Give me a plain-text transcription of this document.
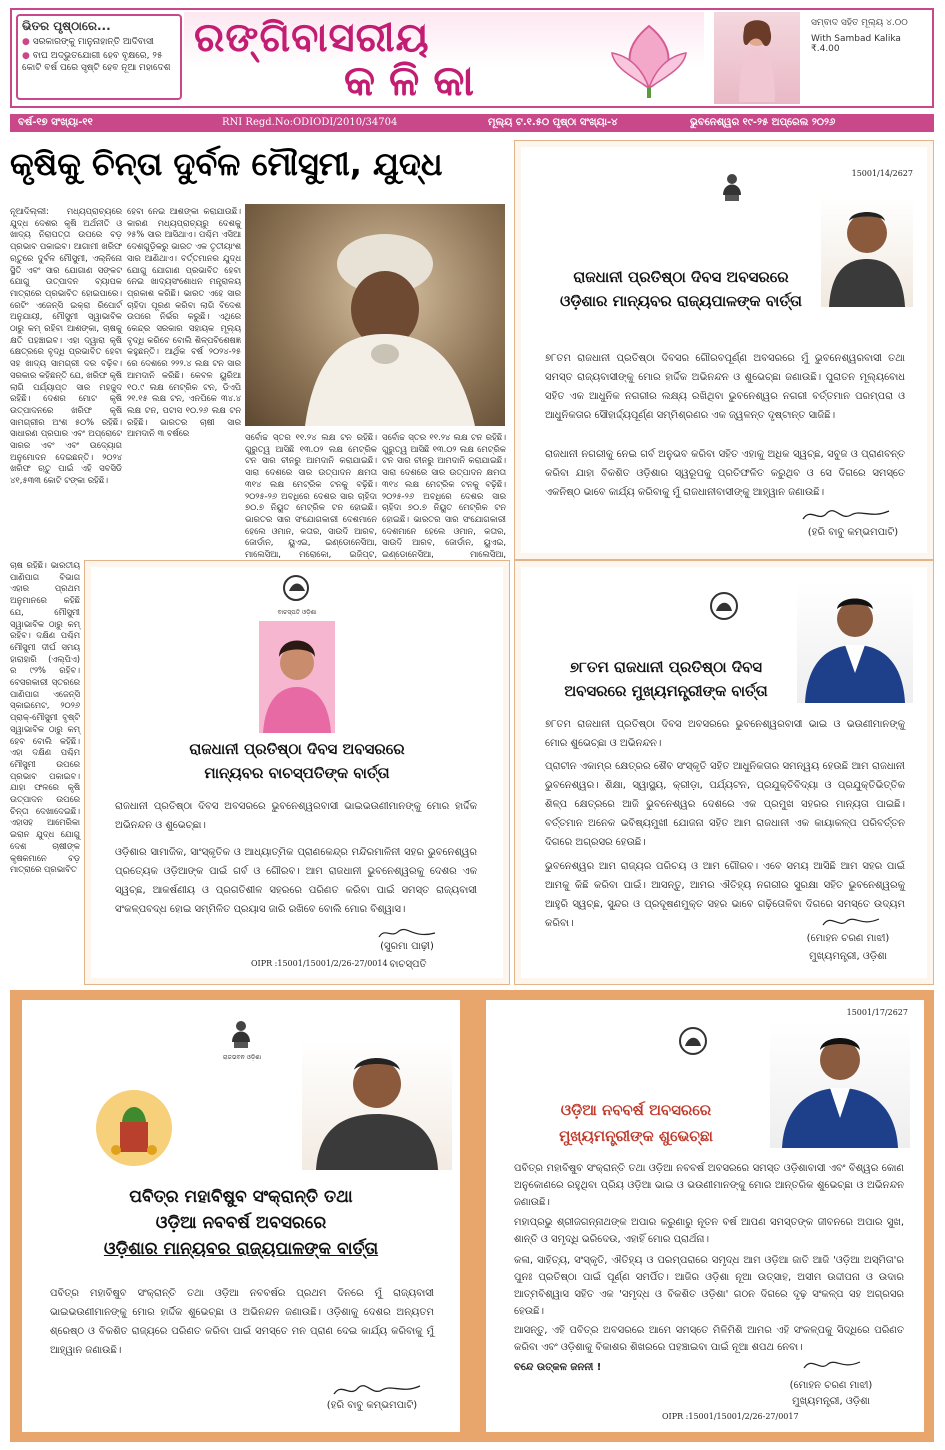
ଭିତର ପୃଷ୍ଠାରେ...
● ସରକାରଙ୍କୁ ମାନୁନାହାନ୍ତି ଆଦିବାସୀ
● ବାଘ ଅଦ୍ଭୁତଯୋଗୀ ହେବ ବୃକ୍ଷରେ, ୨୫ କୋଟି ବର୍ଷ ପରେ ସୃଷ୍ଟି ହେବ ନୂଆ ମହାଦେଶ
ରଙ୍ଗିବାସରୀୟ
କଳିକା
ସମ୍ବାଦ ସହିତ ମୂଲ୍ୟ ୪.୦୦
With Sambad Kalika ₹.4.00
ବର୍ଷ-୧୭ ସଂଖ୍ୟା-୧୧	RNI Regd.No:ODIODI/2010/34704	ମୂଲ୍ୟ ଟ.୧.୫୦ ପୃଷ୍ଠା ସଂଖ୍ୟା-୪	ଭୁବନେଶ୍ୱର ୧୯-୨୫ ଅପ୍ରେଲ ୨୦୨୬
କୃଷିକୁ ଚିନ୍ତା ଦୁର୍ବଳ ମୌସୁମୀ, ଯୁଦ୍ଧ
ନୂଆଦିଲ୍ଲୀ: ମଧ୍ୟପ୍ରାଚ୍ୟରେ ଯୁଦ୍ଧ ଦେଶର କୃଷି ଅର୍ଥନୀତି ଓ ଖାଦ୍ୟ ନିରାପତ୍ତା ଉପରେ ବଡ଼ ପ୍ରଭାବ ପକାଇବ। ଆଗାମୀ ଖରିଫ ଋତୁରେ ଦୁର୍ବଳ ମୌସୁମୀ, ଏଲ୍‌ନିନୋ ସ୍ଥିତି ଏବଂ ସାର ଯୋଗାଣ ସଙ୍କଟ ଯୋଗୁ ଉତ୍ପାଦନ ବ୍ୟାପକ ମାତ୍ରାରେ ପ୍ରଭାବିତ ହୋଇପାରେ। ରେଟିଂ ଏଜେନ୍ସି ଇକ୍ରା ରିପୋର୍ଟ ଅନୁଯାୟୀ, ମୌସୁମୀ ସ୍ୱାଭାବିକ ଠାରୁ କମ୍ ରହିବା ଆଶଙ୍କା, ଚାଷକୁ କ୍ଷତି ପହଞ୍ଚାଇବ। ଏହା ଦ୍ୱାରା କୃଷି କ୍ଷେତ୍ରରେ ବୃଦ୍ଧି ପ୍ରଭାବିତ ହେବା ସହ ଖାଦ୍ୟ ସାମଗ୍ରୀ ଦର ବଢ଼ିବ। ସରକାର କହିଛନ୍ତି ଯେ, ଖରିଫ କୃଷି ଲାଗି ପର୍ଯ୍ୟାପ୍ତ ସାର ମହଜୁଦ ରହିଛି। ଦେଶର ମୋଟ କୃଷି ଉତ୍ପାଦନରେ ଖରିଫ କୃଷି ସାମଗ୍ରୀର ଅଂଶ ୫୦% ରହିଛି। ସାଧାରଣ ପ୍ରପାର ଏବଂ ଅପ୍ରୋଟେ ସାରର ଏବଂ ଏବଂ ଉଦ୍ୟୋଗ ଅନୁମୋଦନ ଦେଇଛନ୍ତି। ୨୦୨୪ ଖରିଫ ଋତୁ ପାଇଁ ଏହି ସବସିଡି ୪୧,୫୩୩ କୋଟି ଟଙ୍କା ରହିଛି।
ହେବା ନେଇ ଆଶଙ୍କା କରାଯାଉଛି। କାରଣ ମଧ୍ୟପ୍ରାଚ୍ୟରୁ ଦେଶକୁ ୨୫% ସାର ଆସିଥାଏ। ପଶ୍ଚିମ ଏସିଆ ଦେଶଗୁଡ଼ିକରୁ ଭାରତ ଏକ ତୃତୀୟାଂଶ ସାର ଆଣିଥାଏ। ବର୍ତ୍ତମାନର ଯୁଦ୍ଧ ଯୋଗୁ ଯୋଗାଣ ପ୍ରଭାବିତ ହେବା ନେଇ ଖାଦ୍ୟସଂଶୋଧନ ମନ୍ତ୍ରାଳୟ ପ୍ରକାଶ କରିଛି। ଭାରତ ଏହେ ସାର ଚାହିଦା ପୂରଣ କରିବା ଲାଗି ବିଦେଶ ଉପରେ ନିର୍ଭର କରୁଛି। ଏଥିରେ କେନ୍ଦ୍ର ସରକାର ସହାୟକ ମୂଲ୍ୟ ବୃଦ୍ଧି କରିବେ ବୋଲି ଶିଳ୍ପବିଶେଷଜ୍ଞ କହୁଛନ୍ତି। ଆର୍ଥିକ ବର୍ଷ ୨୦୨୪-୨୫ ରେ ଦେଶରେ ୨୨୨.୪ ଲକ୍ଷ ଟନ ସାର ଆମଦାନି କରିଛି। କେବଳ ୟୁରିଆ ୧୦.୯ ଲକ୍ଷ ମେଟ୍ରିକ ଟନ, ଡିଏପି ୨୧.୧୫ ଲକ୍ଷ ଟନ, ଏନପିକେ ୩୪.୪ ଲକ୍ଷ ଟନ, ପଟାସ ୧୦.୨୬ ଲକ୍ଷ ଟନ ରହିଛି। ଭାରତର ଚାଷୀ ସାର ଆମଦାନି ୩ ବର୍ଷରେ	ସର୍ବୋଚ୍ଚ ସ୍ତର ୧୧.୨୪ ଲକ୍ଷ ଟନ ରହିଛି। ଗୁରୁତ୍ୱ ଆସିଛି ୧୩.୦୨ ଲକ୍ଷ ମେଟ୍ରିକ ଟନ ସାର ଚୀନରୁ ଆମଦାନି କରାଯାଇଛି। ସାରା ଦେଶରେ ସାର ଉତ୍ପାଦନ କ୍ଷମତା ୩୧୪ ଲକ୍ଷ ମେଟ୍ରିକ ଟନକୁ ବଢ଼ିଛି। ୨୦୨୫-୨୬ ଅବଧିରେ ଦେଶର ସାର ଚାହିଦା ୭୦.୭ ନିୟୁତ ମେଟ୍ରିକ ଟନ ହୋଇଛି। ଭାରତର ସାର ସଂଯୋଗକାରୀ ଦେଶମାନେ ହେଲେ ଓମାନ, କତାର, ସାଉଦି ଆରବ, ଜୋର୍ଡାନ, ୟୁଏଇ, ଇଣ୍ଡୋନେସିଆ, ମାଲେସିଆ, ମରୋକୋ, ଇଜିପ୍ଟ,
ସର୍ବୋଚ୍ଚ ସ୍ତର ୧୧.୨୪ ଲକ୍ଷ ଟନ ରହିଛି। ଗୁରୁତ୍ୱ ଆସିଛି ୧୩.୦୨ ଲକ୍ଷ ମେଟ୍ରିକ ଟନ ସାର ଚୀନରୁ ଆମଦାନି କରାଯାଇଛି। ସାରା ଦେଶରେ ସାର ଉତ୍ପାଦନ କ୍ଷମତା ୩୧୪ ଲକ୍ଷ ମେଟ୍ରିକ ଟନକୁ ବଢ଼ିଛି। ୨୦୨୫-୨୬ ଅବଧିରେ ଦେଶର ସାର ଚାହିଦା ୭୦.୭ ନିୟୁତ ମେଟ୍ରିକ ଟନ ହୋଇଛି। ଭାରତର ସାର ସଂଯୋଗକାରୀ ଦେଶମାନେ ହେଲେ ଓମାନ, କତାର, ସାଉଦି ଆରବ, ଜୋର୍ଡାନ, ୟୁଏଇ, ଇଣ୍ଡୋନେସିଆ, ମାଲେସିଆ,
ଚାଷ ରହିଛି। ଭାରତୀୟ ପାଣିପାଗ ବିଭାଗ ଏହାର ପ୍ରଥମ ଅନୁମାନରେ କହିଛି ଯେ, ମୌସୁମୀ ସ୍ୱାଭାବିକ ଠାରୁ କମ୍ ରହିବ। ଦକ୍ଷିଣ ପଶ୍ଚିମ ମୌସୁମୀ ଦୀର୍ଘ ସମୟ ହାରାହାରି (ଏଲ୍‌ପିଏ) ର ୯୨% ରହିବ। ବେସରକାରୀ ସ୍ତରରେ ପାଣିପାଗ ଏଜେନ୍ସି ସ୍କାଇମେଟ, ୨୦୨୬ ପ୍ରାକ୍-ମୌସୁମୀ ବୃଷ୍ଟି ସ୍ୱାଭାବିକ ଠାରୁ କମ୍ ହେବ ବୋଲି କହିଛି। ଏହା ଦକ୍ଷିଣ ପଶ୍ଚିମ ମୌସୁମୀ ଉପରେ ପ୍ରଭାବ ପକାଇବ। ଯାହା ଫଳରେ କୃଷି ଉତ୍ପାଦନ ଉପରେ ଚିନ୍ତା ଦେଖାଦେଇଛି। ଏହାସହ ଆମେରିକା ଇରାନ ଯୁଦ୍ଧ ଯୋଗୁ ଦେଶ ଚାଷୀଙ୍କ କୃଷକମାନେ ବଡ଼ ମାତ୍ରାରେ ପ୍ରଭାବିତ
15001/14/2627
ରାଜଧାନୀ ପ୍ରତିଷ୍ଠା ଦିବସ ଅବସରରେ
ଓଡ଼ିଶାର ମାନ୍ୟବର ରାଜ୍ୟପାଳଙ୍କ ବାର୍ତ୍ତା
୭୮ତମ ରାଜଧାନୀ ପ୍ରତିଷ୍ଠା ଦିବସର ଗୌରବପୂର୍ଣ୍ଣ ଅବସରରେ ମୁଁ ଭୁବନେଶ୍ୱରବାସୀ ତଥା ସମସ୍ତ ରାଜ୍ୟବାସୀଙ୍କୁ ମୋର ହାର୍ଦ୍ଦିକ ଅଭିନନ୍ଦନ ଓ ଶୁଭେଚ୍ଛା ଜଣାଉଛି। ପୁରାତନ ମୂଲ୍ୟବୋଧ ସହିତ ଏକ ଆଧୁନିକ ନଗରୀର ଲକ୍ଷ୍ୟ ରଖିଥିବା ଭୁବନେଶ୍ୱର ନଗରୀ ବର୍ତ୍ତମାନ ପରମ୍ପରା ଓ ଆଧୁନିକତାର ସୌହାର୍ଦ୍ଦ୍ୟପୂର୍ଣ୍ଣ ସମ୍ମିଶ୍ରଣର ଏକ ଜ୍ୱଳନ୍ତ ଦୃଷ୍ଟାନ୍ତ ସାଜିଛି।
ରାଜଧାନୀ ନଗରୀକୁ ନେଇ ଗର୍ବ ଅନୁଭବ କରିବା ସହିତ ଏହାକୁ ଅଧିକ ସ୍ୱଚ୍ଛ, ସବୁଜ ଓ ପ୍ରାଣବନ୍ତ କରିବା ଯାହା ବିକଶିତ ଓଡ଼ିଶାର ସ୍ୱରୂପକୁ ପ୍ରତିଫଳିତ କରୁଥିବ ଓ ସେ ଦିଗରେ ସମସ୍ତେ ଏକନିଷ୍ଠ ଭାବେ କାର୍ଯ୍ୟ କରିବାକୁ ମୁଁ ରାଜଧାନୀବାସୀଙ୍କୁ ଆହ୍ୱାନ ଜଣାଉଛି।
(ହରି ବାବୁ କମ୍ଭମପାଟି)
ବାଚସ୍ପତି ଓଡ଼ିଶା
ରାଜଧାନୀ ପ୍ରତିଷ୍ଠା ଦିବସ ଅବସରରେ
ମାନ୍ୟବର ବାଚସ୍ପତିଙ୍କ ବାର୍ତ୍ତା
ରାଜଧାନୀ ପ୍ରତିଷ୍ଠା ଦିବସ ଅବସରରେ ଭୁବନେଶ୍ୱରବାସୀ ଭାଇଭଉଣୀମାନଙ୍କୁ ମୋର ହାର୍ଦ୍ଦିକ ଅଭିନନ୍ଦନ ଓ ଶୁଭେଚ୍ଛା।
ଓଡ଼ିଶାର ସାମାଜିକ, ସାଂସ୍କୃତିକ ଓ ଆଧ୍ୟାତ୍ମିକ ପ୍ରାଣକେନ୍ଦ୍ର ମନ୍ଦିରମାଳିନୀ ସହର ଭୁବନେଶ୍ୱର ପ୍ରତ୍ୟେକ ଓଡ଼ିଆଙ୍କ ପାଇଁ ଗର୍ବ ଓ ଗୌରବ। ଆମ ରାଜଧାନୀ ଭୁବନେଶ୍ୱରକୁ ଦେଶର ଏକ ସ୍ୱଚ୍ଛ, ଆକର୍ଷଣୀୟ ଓ ପ୍ରଗତିଶୀଳ ସହରରେ ପରିଣତ କରିବା ପାଇଁ ସମସ୍ତ ରାଜ୍ୟବାସୀ ସଂକଳ୍ପବଦ୍ଧ ହୋଇ ସମ୍ମିଳିତ ପ୍ରୟାସ ଜାରି ରଖିବେ ବୋଲି ମୋର ବିଶ୍ୱାସ।
(ସୁରମା ପାଢ଼ୀ)
OIPR :15001/15001/2/26-27/0014 ବାଚସ୍ପତି
୭୮ତମ ରାଜଧାନୀ ପ୍ରତିଷ୍ଠା ଦିବସ
ଅବସରରେ ମୁଖ୍ୟମନ୍ତ୍ରୀଙ୍କ ବାର୍ତ୍ତା
୭୮ତମ ରାଜଧାନୀ ପ୍ରତିଷ୍ଠା ଦିବସ ଅବସରରେ ଭୁବନେଶ୍ୱରବାସୀ ଭାଇ ଓ ଭଉଣୀମାନଙ୍କୁ ମୋର ଶୁଭେଚ୍ଛା ଓ ଅଭିନନ୍ଦନ।
ପ୍ରାଚୀନ ଏକାମ୍ର କ୍ଷେତ୍ରର ଶୈବ ସଂସ୍କୃତି ସହିତ ଆଧୁନିକତାର ସମନ୍ୱୟ ହେଉଛି ଆମ ରାଜଧାନୀ ଭୁବନେଶ୍ୱର। ଶିକ୍ଷା, ସ୍ୱାସ୍ଥ୍ୟ, କ୍ରୀଡ଼ା, ପର୍ଯ୍ୟଟନ, ପ୍ରଯୁକ୍ତିବିଦ୍ୟା ଓ ପ୍ରଯୁକ୍ତିଭିତ୍ତିକ ଶିଳ୍ପ କ୍ଷେତ୍ରରେ ଆଜି ଭୁବନେଶ୍ୱର ଦେଶରେ ଏକ ପ୍ରମୁଖ ସହରର ମାନ୍ୟତା ପାଇଛି। ବର୍ତ୍ତମାନ ଅନେକ ଭବିଷ୍ୟମୁଖୀ ଯୋଜନା ସହିତ ଆମ ରାଜଧାନୀ ଏକ କାୟାକଳ୍ପ ପରିବର୍ତ୍ତନ ଦିଗରେ ଅଗ୍ରସର ହେଉଛି।
ଭୁବନେଶ୍ୱର ଆମ ରାଜ୍ୟର ପରିଚୟ ଓ ଆମ ଗୌରବ। ଏବେ ସମୟ ଆସିଛି ଆମ ସହର ପାଇଁ ଆମକୁ କିଛି କରିବା ପାଇଁ। ଆସନ୍ତୁ, ଆମର ଐତିହ୍ୟ ନଗରୀର ସୁରକ୍ଷା ସହିତ ଭୁବନେଶ୍ୱରକୁ ଆହୁରି ସ୍ୱଚ୍ଛ, ସୁନ୍ଦର ଓ ପ୍ରଦୂଷଣମୁକ୍ତ ସହର ଭାବେ ଗଢ଼ିତୋଳିବା ଦିଗରେ ସମସ୍ତେ ଉଦ୍ୟମ କରିବା।
(ମୋହନ ଚରଣ ମାଝୀ)
ମୁଖ୍ୟମନ୍ତ୍ରୀ, ଓଡ଼ିଶା
ରାଜଭବନ ଓଡ଼ିଶା
ପବିତ୍ର ମହାବିଷୁବ ସଂକ୍ରାନ୍ତି ତଥା
ଓଡ଼ିଆ ନବବର୍ଷ ଅବସରରେ
ଓଡ଼ିଶାର ମାନ୍ୟବର ରାଜ୍ୟପାଳଙ୍କ ବାର୍ତ୍ତା
ପବିତ୍ର ମହାବିଷୁବ ସଂକ୍ରାନ୍ତି ତଥା ଓଡ଼ିଆ ନବବର୍ଷର ପ୍ରଥମ ଦିନରେ ମୁଁ ରାଜ୍ୟବାସୀ ଭାଇଭଉଣୀମାନଙ୍କୁ ମୋର ହାର୍ଦ୍ଦିକ ଶୁଭେଚ୍ଛା ଓ ଅଭିନନ୍ଦନ ଜଣାଉଛି। ଓଡ଼ିଶାକୁ ଦେଶର ଅନ୍ୟତମ ଶ୍ରେଷ୍ଠ ଓ ବିକଶିତ ରାଜ୍ୟରେ ପରିଣତ କରିବା ପାଇଁ ସମସ୍ତେ ମନ ପ୍ରାଣ ଦେଇ କାର୍ଯ୍ୟ କରିବାକୁ ମୁଁ ଆହ୍ୱାନ ଜଣାଉଛି।
(ହରି ବାବୁ କମ୍ଭମପାଟି)
15001/17/2627
ଓଡ଼ିଆ ନବବର୍ଷ ଅବସରରେ
ମୁଖ୍ୟମନ୍ତ୍ରୀଙ୍କ ଶୁଭେଚ୍ଛା
ପବିତ୍ର ମହାବିଷୁବ ସଂକ୍ରାନ୍ତି ତଥା ଓଡ଼ିଆ ନବବର୍ଷ ଅବସରରେ ସମସ୍ତ ଓଡ଼ିଶାବାସୀ ଏବଂ ବିଶ୍ୱର କୋଣ ଅନୁକୋଣରେ ରହୁଥିବା ପ୍ରିୟ ଓଡ଼ିଆ ଭାଇ ଓ ଭଉଣୀମାନଙ୍କୁ ମୋର ଆନ୍ତରିକ ଶୁଭେଚ୍ଛା ଓ ଅଭିନନ୍ଦନ ଜଣାଉଛି।
ମହାପ୍ରଭୁ ଶ୍ରୀଜଗନ୍ନାଥଙ୍କ ଅପାର କରୁଣାରୁ ନୂତନ ବର୍ଷ ଆପଣ ସମସ୍ତଙ୍କ ଜୀବନରେ ଅପାର ସୁଖ, ଶାନ୍ତି ଓ ସମୃଦ୍ଧି ଭରିଦେଉ, ଏହାହିଁ ମୋର ପ୍ରାର୍ଥନା।
କଳା, ସାହିତ୍ୟ, ସଂସ୍କୃତି, ଐତିହ୍ୟ ଓ ପରମ୍ପରାରେ ସମୃଦ୍ଧ ଆମ ଓଡ଼ିଆ ଜାତି ଆଜି 'ଓଡ଼ିଆ ଅସ୍ମିତା'ର ପୁନଃ ପ୍ରତିଷ୍ଠା ପାଇଁ ପୂର୍ଣ୍ଣ ସମର୍ପିତ। ଆଜିର ଓଡ଼ିଶା ନୂଆ ଉତ୍ସାହ, ଅସୀମ ଉଦ୍ଦୀପନା ଓ ଉଦାର ଆତ୍ମବିଶ୍ୱାସ ସହିତ ଏକ 'ସମୃଦ୍ଧ ଓ ବିକଶିତ ଓଡ଼ିଶା' ଗଠନ ଦିଗରେ ଦୃଢ଼ ସଂକଳ୍ପ ସହ ଅଗ୍ରସର ହେଉଛି।
ଆସନ୍ତୁ, ଏହି ପବିତ୍ର ଅବସରରେ ଆମେ ସମସ୍ତେ ମିଳିମିଶି ଆମର ଏହି ସଂକଳ୍ପକୁ ସିଦ୍ଧିରେ ପରିଣତ କରିବା ଏବଂ ଓଡ଼ିଶାକୁ ବିକାଶର ଶିଖରରେ ପହଞ୍ଚାଇବା ପାଇଁ ନୂଆ ଶପଥ ନେବା।
ବନ୍ଦେ ଉତ୍କଳ ଜନନୀ !
(ମୋହନ ଚରଣ ମାଝୀ)
ମୁଖ୍ୟମନ୍ତ୍ରୀ, ଓଡ଼ିଶା
OIPR :15001/15001/2/26-27/0017
